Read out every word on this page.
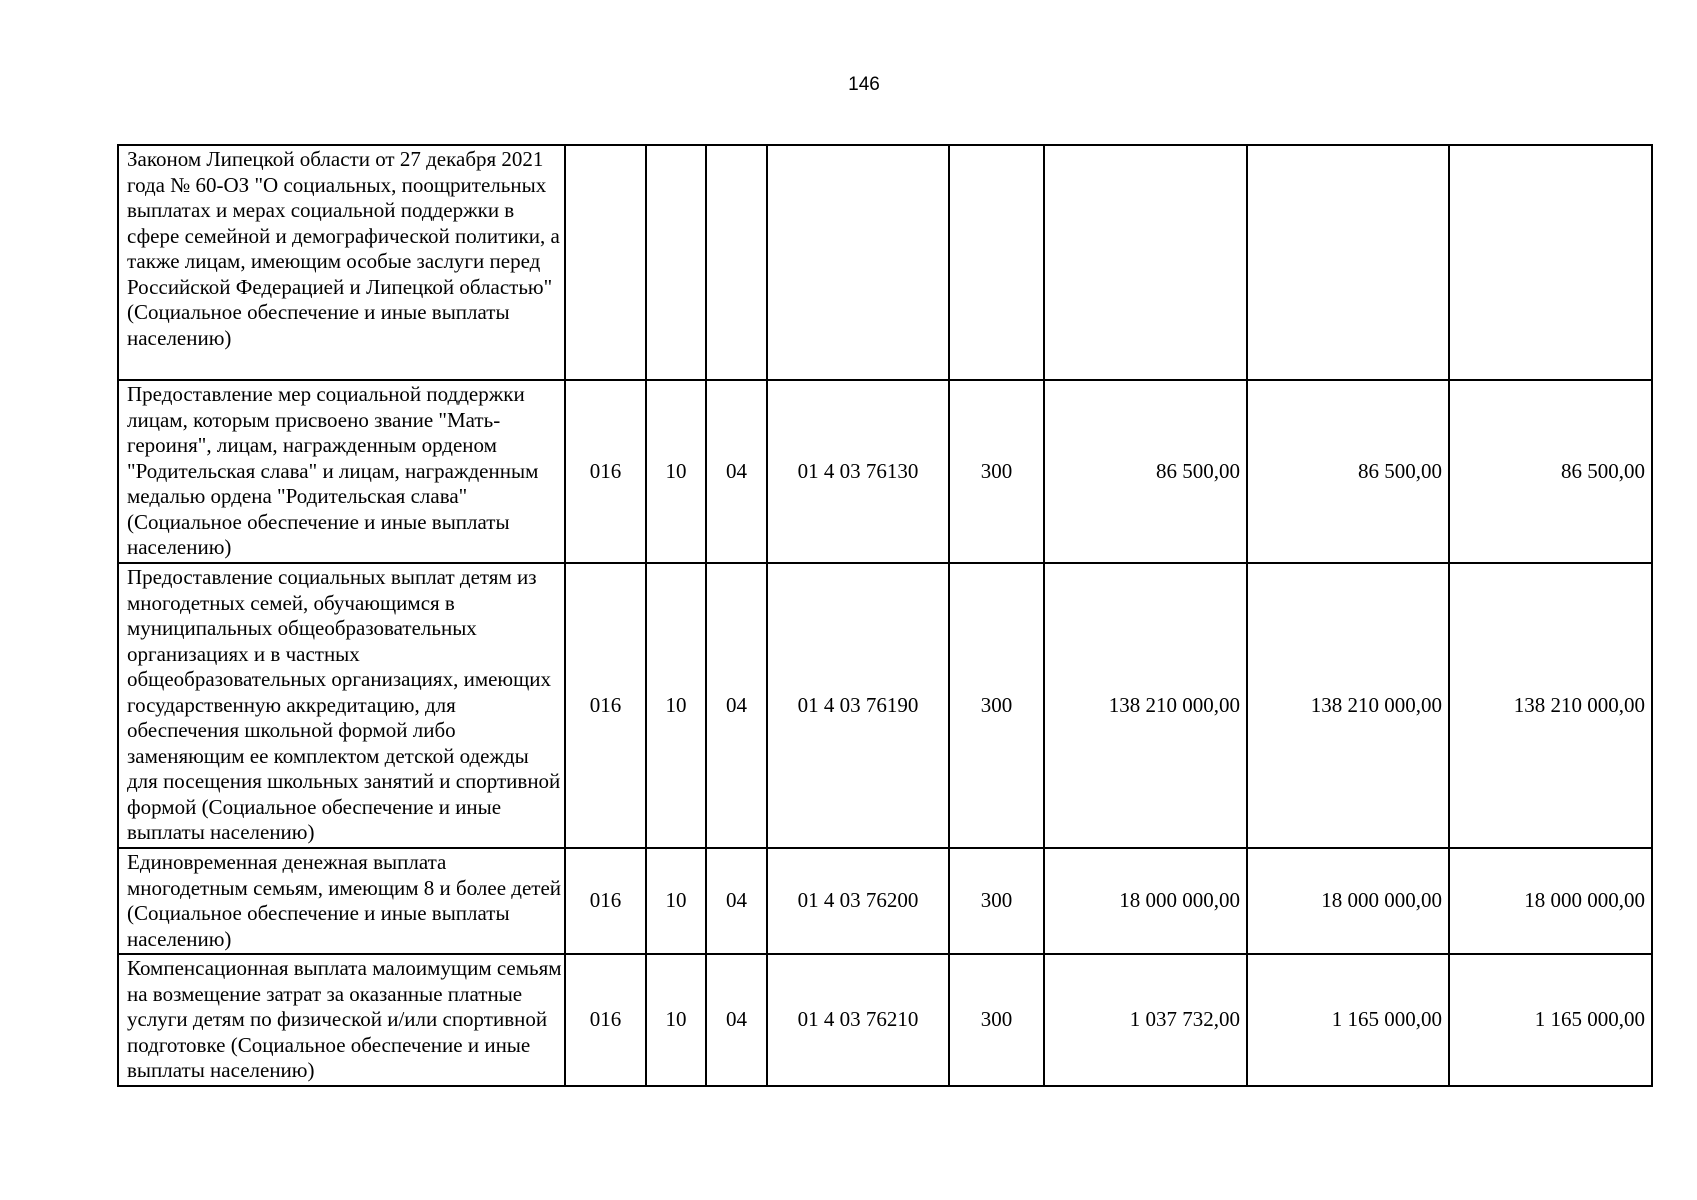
146
Законом Липецкой области от 27 декабря 2021 года № 60-ОЗ "О социальных, поощрительных выплатах и мерах социальной поддержки в сфере семейной и демографической политики, а также лицам, имеющим особые заслуги перед Российской Федерацией и Липецкой областью" (Социальное обеспечение и иные выплаты населению)								
Предоставление мер социальной поддержки лицам, которым присвоено звание "Мать-героиня", лицам, награжденным орденом "Родительская слава" и лицам, награжденным медалью ордена "Родительская слава" (Социальное обеспечение и иные выплаты населению)	016	10	04	01 4 03 76130	300	86 500,00	86 500,00	86 500,00
Предоставление социальных выплат детям из многодетных семей, обучающимся в муниципальных общеобразовательных организациях и в частных общеобразовательных организациях, имеющих государственную аккредитацию, для обеспечения школьной формой либо заменяющим ее комплектом детской одежды для посещения школьных занятий и спортивной формой (Социальное обеспечение и иные выплаты населению)	016	10	04	01 4 03 76190	300	138 210 000,00	138 210 000,00	138 210 000,00
Единовременная денежная выплата многодетным семьям, имеющим 8 и более детей (Социальное обеспечение и иные выплаты населению)	016	10	04	01 4 03 76200	300	18 000 000,00	18 000 000,00	18 000 000,00
Компенсационная выплата малоимущим семьям на возмещение затрат за оказанные платные услуги детям по физической и/или спортивной подготовке (Социальное обеспечение и иные выплаты населению)	016	10	04	01 4 03 76210	300	1 037 732,00	1 165 000,00	1 165 000,00
